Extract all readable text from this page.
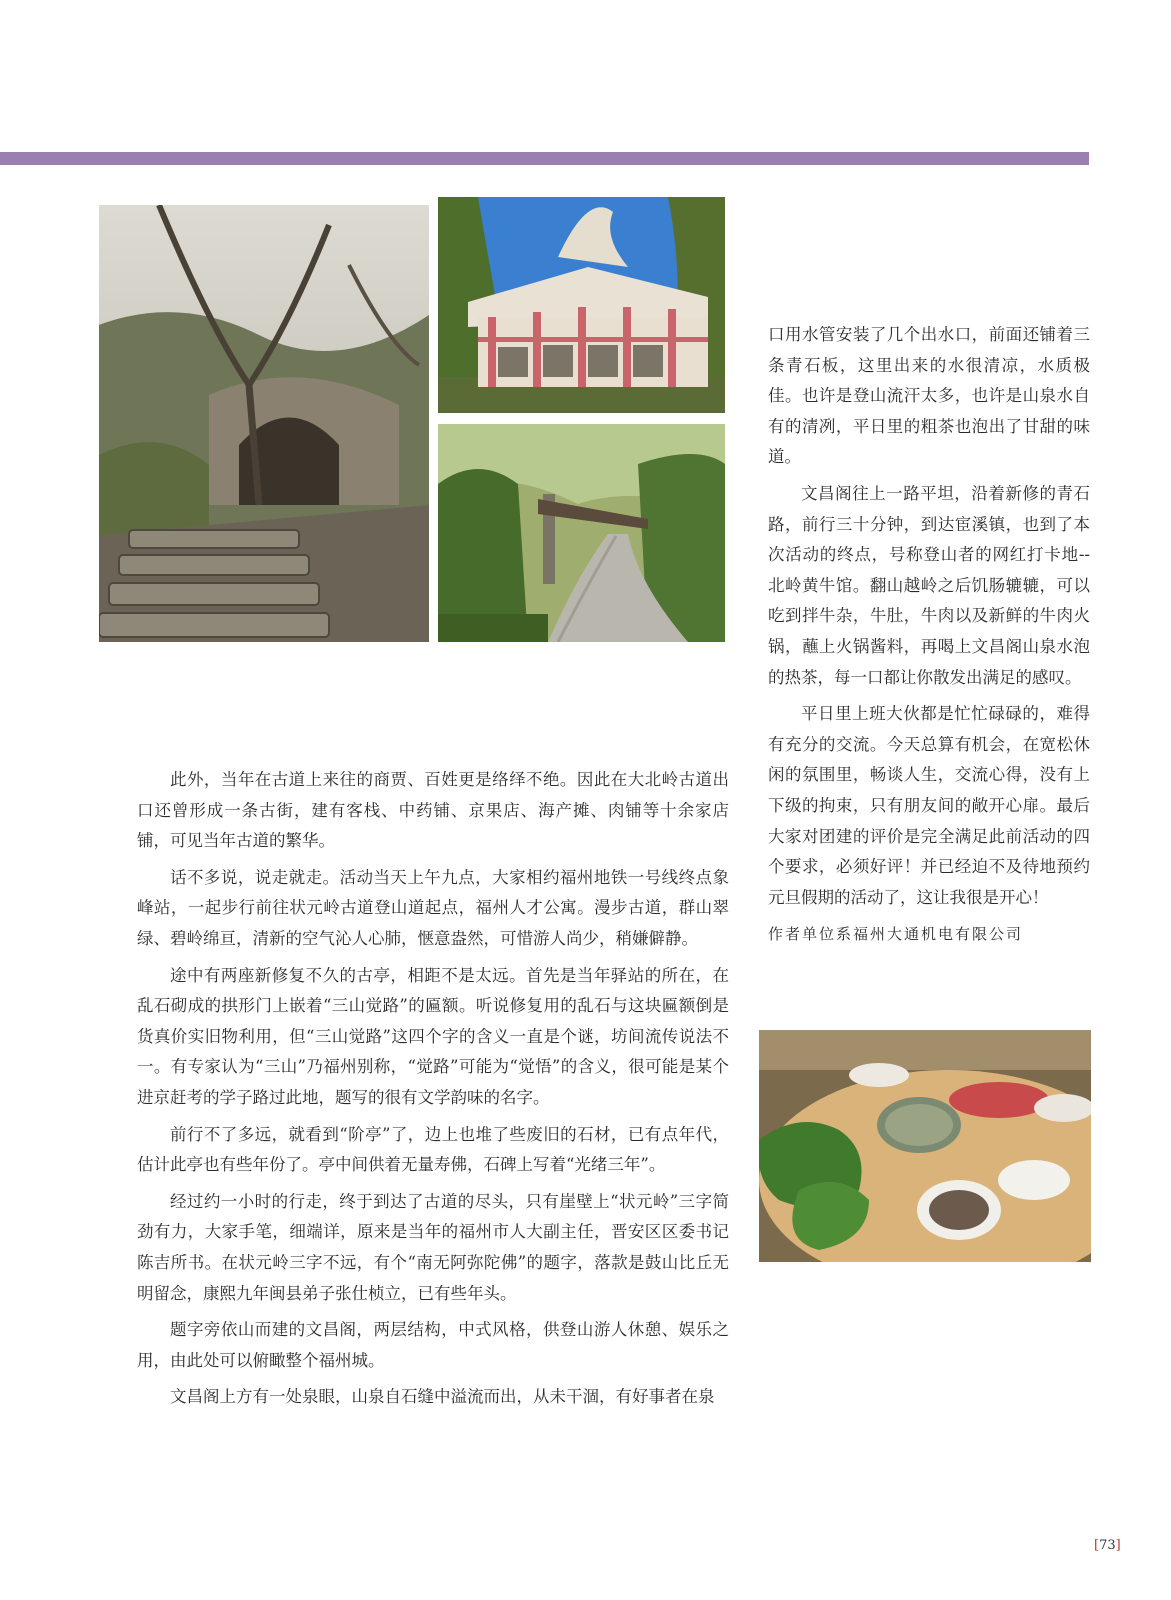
此外，当年在古道上来往的商贾、百姓更是络绎不绝。因此在大北岭古道出口还曾形成一条古街，建有客栈、中药铺、京果店、海产摊、肉铺等十余家店铺，可见当年古道的繁华。

话不多说，说走就走。活动当天上午九点，大家相约福州地铁一号线终点象峰站，一起步行前往状元岭古道登山道起点，福州人才公寓。漫步古道，群山翠绿、碧岭绵亘，清新的空气沁人心肺，惬意盎然，可惜游人尚少，稍嫌僻静。

途中有两座新修复不久的古亭，相距不是太远。首先是当年驿站的所在，在乱石砌成的拱形门上嵌着“三山觉路”的匾额。听说修复用的乱石与这块匾额倒是货真价实旧物利用，但“三山觉路”这四个字的含义一直是个谜，坊间流传说法不一。有专家认为“三山”乃福州别称，“觉路”可能为“觉悟”的含义，很可能是某个进京赶考的学子路过此地，题写的很有文学韵味的名字。

前行不了多远，就看到“阶亭”了，边上也堆了些废旧的石材，已有点年代，估计此亭也有些年份了。亭中间供着无量寿佛，石碑上写着“光绪三年”。

经过约一小时的行走，终于到达了古道的尽头，只有崖壁上“状元岭”三字简劲有力，大家手笔，细端详，原来是当年的福州市人大副主任，晋安区区委书记陈吉所书。在状元岭三字不远，有个“南无阿弥陀佛”的题字，落款是鼓山比丘无明留念，康熙九年闽县弟子张仕桢立，已有些年头。

题字旁依山而建的文昌阁，两层结构，中式风格，供登山游人休憩、娱乐之用，由此处可以俯瞰整个福州城。

文昌阁上方有一处泉眼，山泉自石缝中溢流而出，从未干涸，有好事者在泉

口用水管安装了几个出水口，前面还铺着三条青石板，这里出来的水很清凉，水质极佳。也许是登山流汗太多，也许是山泉水自有的清冽，平日里的粗茶也泡出了甘甜的味道。

文昌阁往上一路平坦，沿着新修的青石路，前行三十分钟，到达宦溪镇，也到了本次活动的终点，号称登山者的网红打卡地--北岭黄牛馆。翻山越岭之后饥肠辘辘，可以吃到拌牛杂，牛肚，牛肉以及新鲜的牛肉火锅，蘸上火锅酱料，再喝上文昌阁山泉水泡的热茶，每一口都让你散发出满足的感叹。

平日里上班大伙都是忙忙碌碌的，难得有充分的交流。今天总算有机会，在宽松休闲的氛围里，畅谈人生，交流心得，没有上下级的拘束，只有朋友间的敞开心扉。最后大家对团建的评价是完全满足此前活动的四个要求，必须好评！并已经迫不及待地预约元旦假期的活动了，这让我很是开心！

作者单位系福州大通机电有限公司

[73]
